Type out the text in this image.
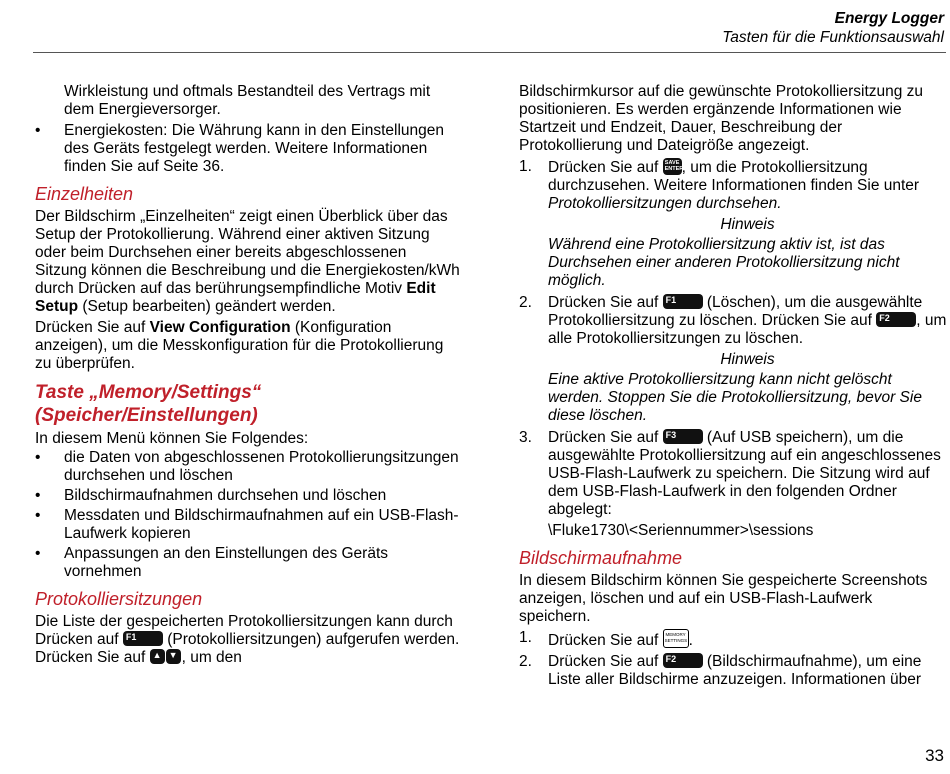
Energy Logger
Tasten für die Funktionsauswahl

Wirkleistung und oftmals Bestandteil des Vertrags mit dem Energieversorger.

• Energiekosten: Die Währung kann in den Einstellungen des Geräts festgelegt werden. Weitere Informationen finden Sie auf Seite 36.
Einzelheiten

Der Bildschirm „Einzelheiten“ zeigt einen Überblick über das Setup der Protokollierung. Während einer aktiven Sitzung oder beim Durchsehen einer bereits abgeschlossenen Sitzung können die Beschreibung und die Energiekosten/kWh durch Drücken auf das berührungsempfindliche Motiv Edit Setup (Setup bearbeiten) geändert werden.

Drücken Sie auf View Configuration (Konfiguration anzeigen), um die Messkonfiguration für die Protokollierung zu überprüfen.

Taste „Memory/Settings“
(Speicher/Einstellungen)

In diesem Menü können Sie Folgendes:

• die Daten von abgeschlossenen Protokollierungsitzungen durchsehen und löschen
• Bildschirmaufnahmen durchsehen und löschen
• Messdaten und Bildschirmaufnahmen auf ein USB-Flash-Laufwerk kopieren
• Anpassungen an den Einstellungen des Geräts vornehmen
Protokolliersitzungen

Die Liste der gespeicherten Protokolliersitzungen kann durch Drücken auf F1 (Protokolliersitzungen) aufgerufen werden. Drücken Sie auf ▲ ▼ , um den

Bildschirmkursor auf die gewünschte Protokolliersitzung zu positionieren. Es werden ergänzende Informationen wie Startzeit und Endzeit, Dauer, Beschreibung der Protokollierung und Dateigröße angezeigt.

1. Drücken Sie auf SAVE ENTER
, um die Protokolliersitzung durchzusehen. Weitere Informationen finden Sie unter Protokolliersitzungen durchsehen.
Hinweis
Während eine Protokolliersitzung aktiv ist, ist das Durchsehen einer anderen Protokolliersitzung nicht möglich.
2. Drücken Sie auf F1 (Löschen), um die ausgewählte Protokolliersitzung zu löschen. Drücken Sie auf F2 , um alle Protokolliersitzungen zu löschen.
Hinweis
Eine aktive Protokolliersitzung kann nicht gelöscht werden. Stoppen Sie die Protokolliersitzung, bevor Sie diese löschen.
3. Drücken Sie auf F3 (Auf USB speichern), um die ausgewählte Protokolliersitzung auf ein angeschlossenes USB-Flash-Laufwerk zu speichern. Die Sitzung wird auf dem USB-Flash-Laufwerk in den folgenden Ordner abgelegt:

\Fluke1730\<Seriennummer>\sessions

Bildschirmaufnahme

In diesem Bildschirm können Sie gespeicherte Screenshots anzeigen, löschen und auf ein USB-Flash-Laufwerk speichern.

1. Drücken Sie auf MEMORY SETTINGS .
2. Drücken Sie auf F2 (Bildschirmaufnahme), um eine Liste aller Bildschirme anzuzeigen. Informationen über
33
